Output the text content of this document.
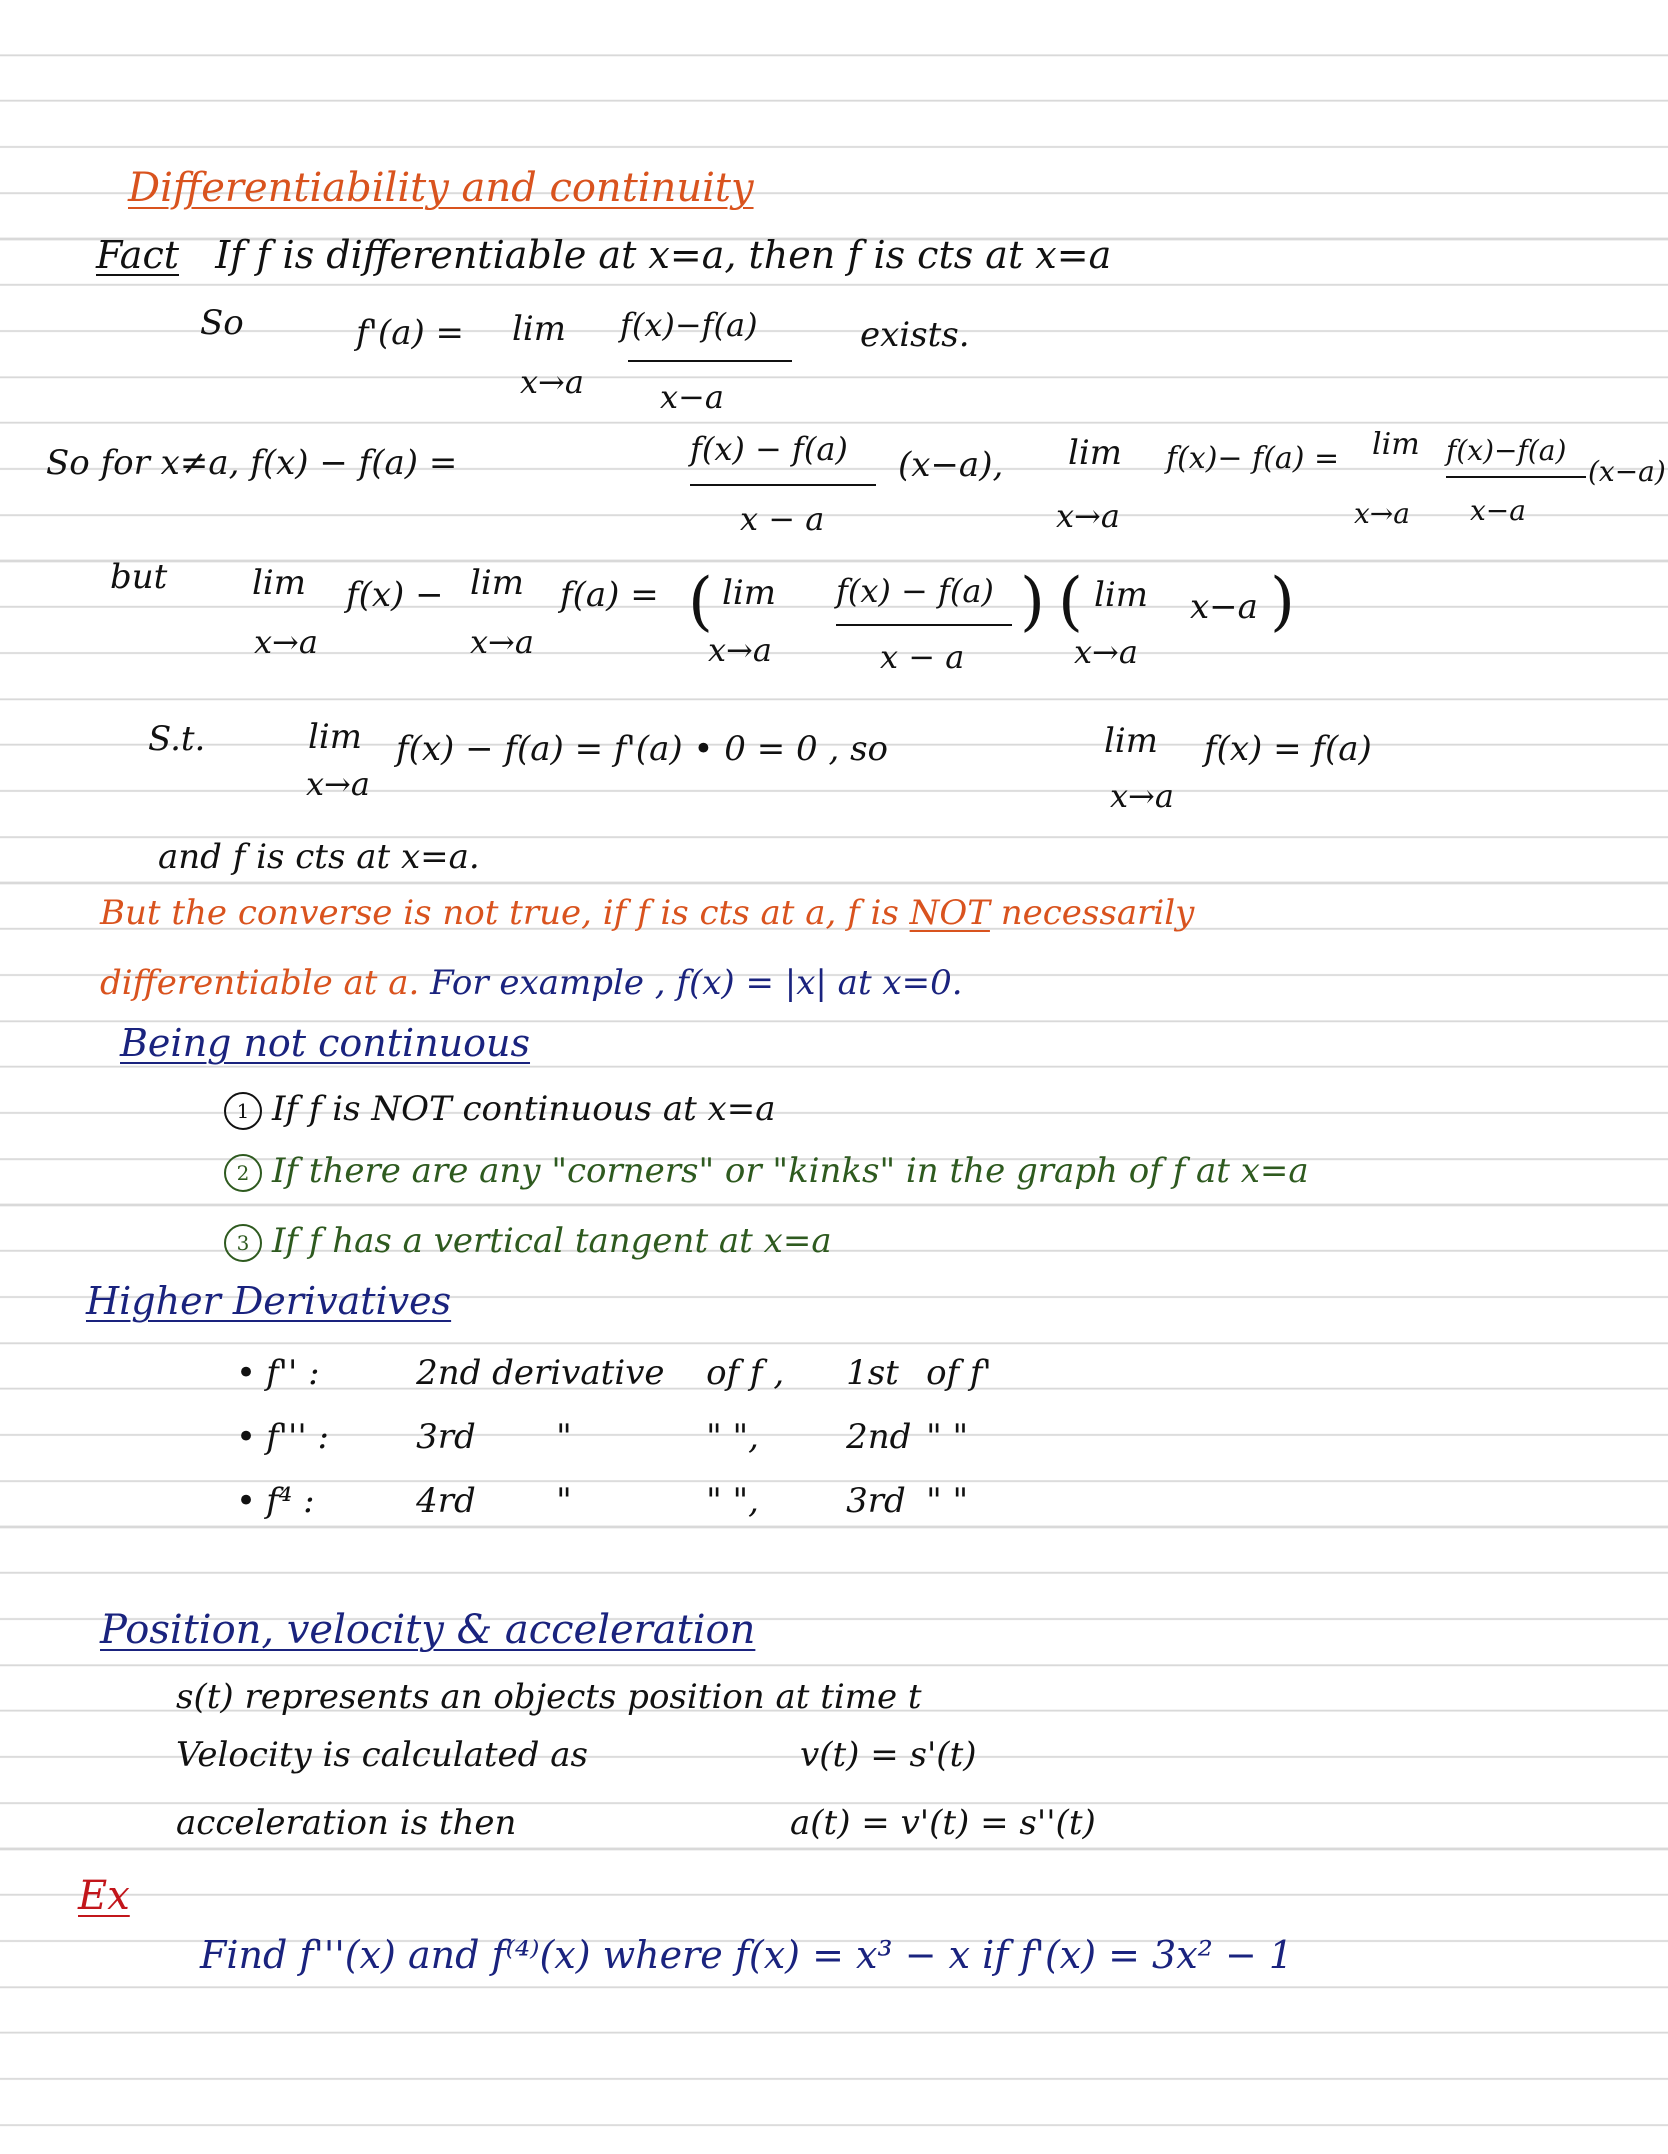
Differentiability and continuity
Fact If f is differentiable at x=a, then f is cts at x=a
So	f'(a) = lim
x→a
f(x)−f(a)
x−a
exists.
So for x≠a, f(x) − f(a) =	f(x) − f(a)
x − a
(x−a), lim
x→a
f(x)− f(a) = lim
x→a
f(x)−f(a)
x−a
(x−a)
but lim
x→a
f(x) − lim
x→a
f(a) = ( lim
x→a
f(x) − f(a)
x − a
) ( lim
x→a
x−a )
S.t.	lim
x→a
f(x) − f(a) = f'(a) • 0 = 0 , so	lim
x→a
f(x) = f(a)
and f is cts at x=a.
But the converse is not true, if f is cts at a, f is NOT necessarily
differentiable at a. For example , f(x) = |x| at x=0.
Being not continuous
1 If f is NOT continuous at x=a
2 If there are any "corners" or "kinks" in the graph of f at x=a
3 If f has a vertical tangent at x=a
Higher Derivatives
• f'' :	2nd derivative of f , 1st of f'
• f''' :	3rd "	" ",	2nd " "
• f⁴ :	4rd "	" ",	3rd " "
Position, velocity & acceleration
s(t) represents an objects position at time t
Velocity is calculated as	v(t) = s'(t)
acceleration is then	a(t) = v'(t) = s''(t)
Ex
Find f'''(x) and f⁽⁴⁾(x) where f(x) = x³ − x if f'(x) = 3x² − 1
